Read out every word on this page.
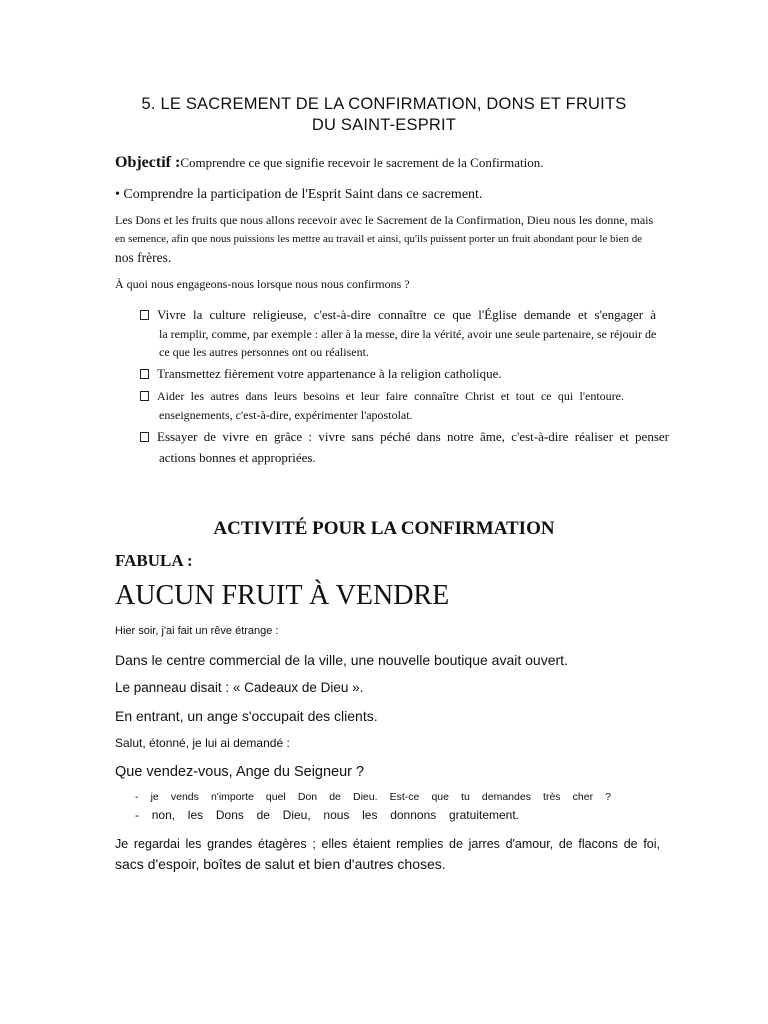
5. LE SACREMENT DE LA CONFIRMATION, DONS ET FRUITS

DU SAINT-ESPRIT

Objectif :Comprendre ce que signifie recevoir le sacrement de la Confirmation.

• Comprendre la participation de l'Esprit Saint dans ce sacrement.

Les Dons et les fruits que nous allons recevoir avec le Sacrement de la Confirmation, Dieu nous les donne, mais

en semence, afin que nous puissions les mettre au travail et ainsi, qu'ils puissent porter un fruit abondant pour le bien de

nos frères.

À quoi nous engageons-nous lorsque nous nous confirmons ?

Vivre la culture religieuse, c'est-à-dire connaître ce que l'Église demande et s'engager à

la remplir, comme, par exemple : aller à la messe, dire la vérité, avoir une seule partenaire, se réjouir de

ce que les autres personnes ont ou réalisent.

Transmettez fièrement votre appartenance à la religion catholique.

Aider les autres dans leurs besoins et leur faire connaître Christ et tout ce qui l'entoure.

enseignements, c'est-à-dire, expérimenter l'apostolat.

Essayer de vivre en grâce : vivre sans péché dans notre âme, c'est-à-dire réaliser et penser

actions bonnes et appropriées.

ACTIVITÉ POUR LA CONFIRMATION

FABULA :

AUCUN FRUIT À VENDRE

Hier soir, j'ai fait un rêve étrange :

Dans le centre commercial de la ville, une nouvelle boutique avait ouvert.

Le panneau disait : « Cadeaux de Dieu ».

En entrant, un ange s'occupait des clients.

Salut, étonné, je lui ai demandé :

Que vendez-vous, Ange du Seigneur ?

- je vends n'importe quel Don de Dieu. Est-ce que tu demandes très cher ?

- non, les Dons de Dieu, nous les donnons gratuitement.

Je regardai les grandes étagères ; elles étaient remplies de jarres d'amour, de flacons de foi,

sacs d'espoir, boîtes de salut et bien d'autres choses.
